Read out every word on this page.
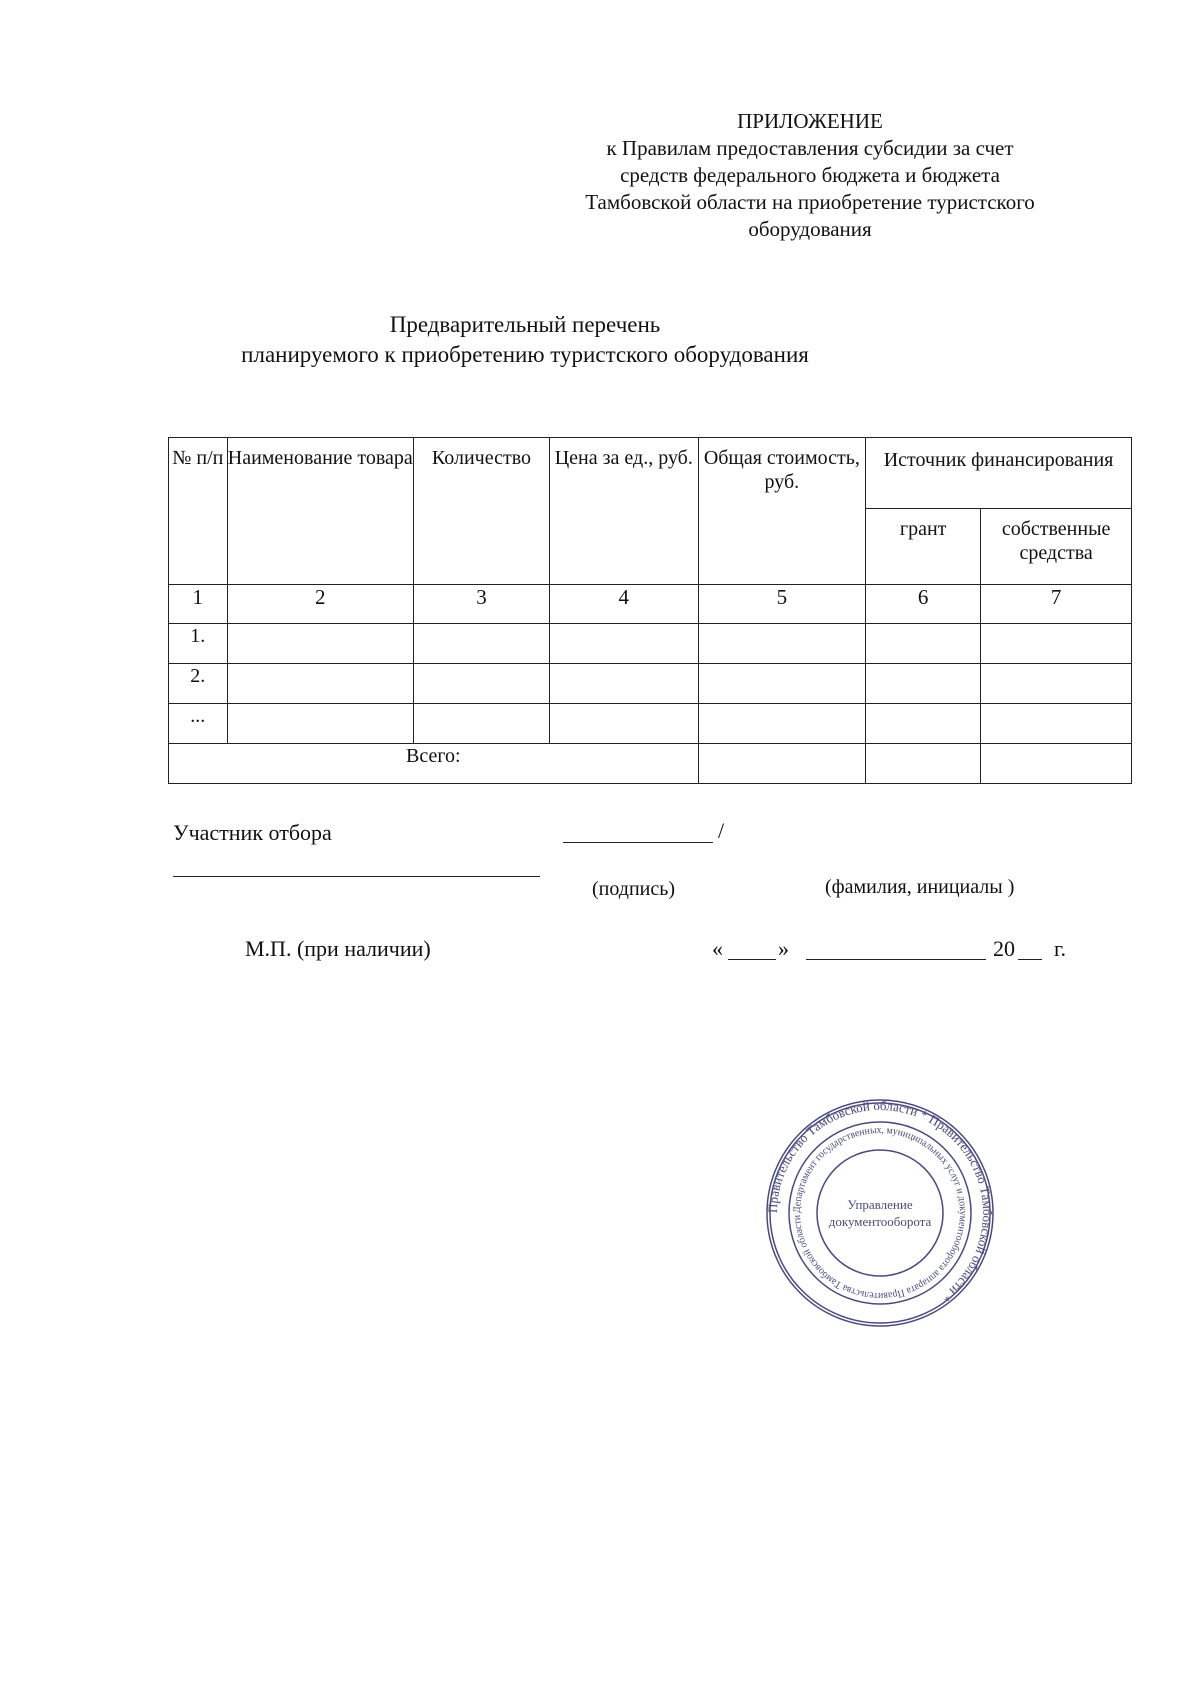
ПРИЛОЖЕНИЕ
к Правилам предоставления субсидии за счет
средств федерального бюджета и бюджета
Тамбовской области на приобретение туристского
оборудования
Предварительный перечень
планируемого к приобретению туристского оборудования
№ п/п	Наименование товара	Количество	Цена за ед., руб.	Общая стоимость, руб.	Источник финансирования	
					грант	собственные средства
1	2	3	4	5	6	7
1.						
2.						
...						
Всего:						
Участник отбора	/
(подпись)	(фамилия, инициалы )
М.П. (при наличии)	«	»	20 г.
Правительство Тамбовской области * Правительство Тамбовской области *
Департамент государственных, муниципальных услуг и документооборота аппарата Правительства Тамбовской области
Управление
документооборота
